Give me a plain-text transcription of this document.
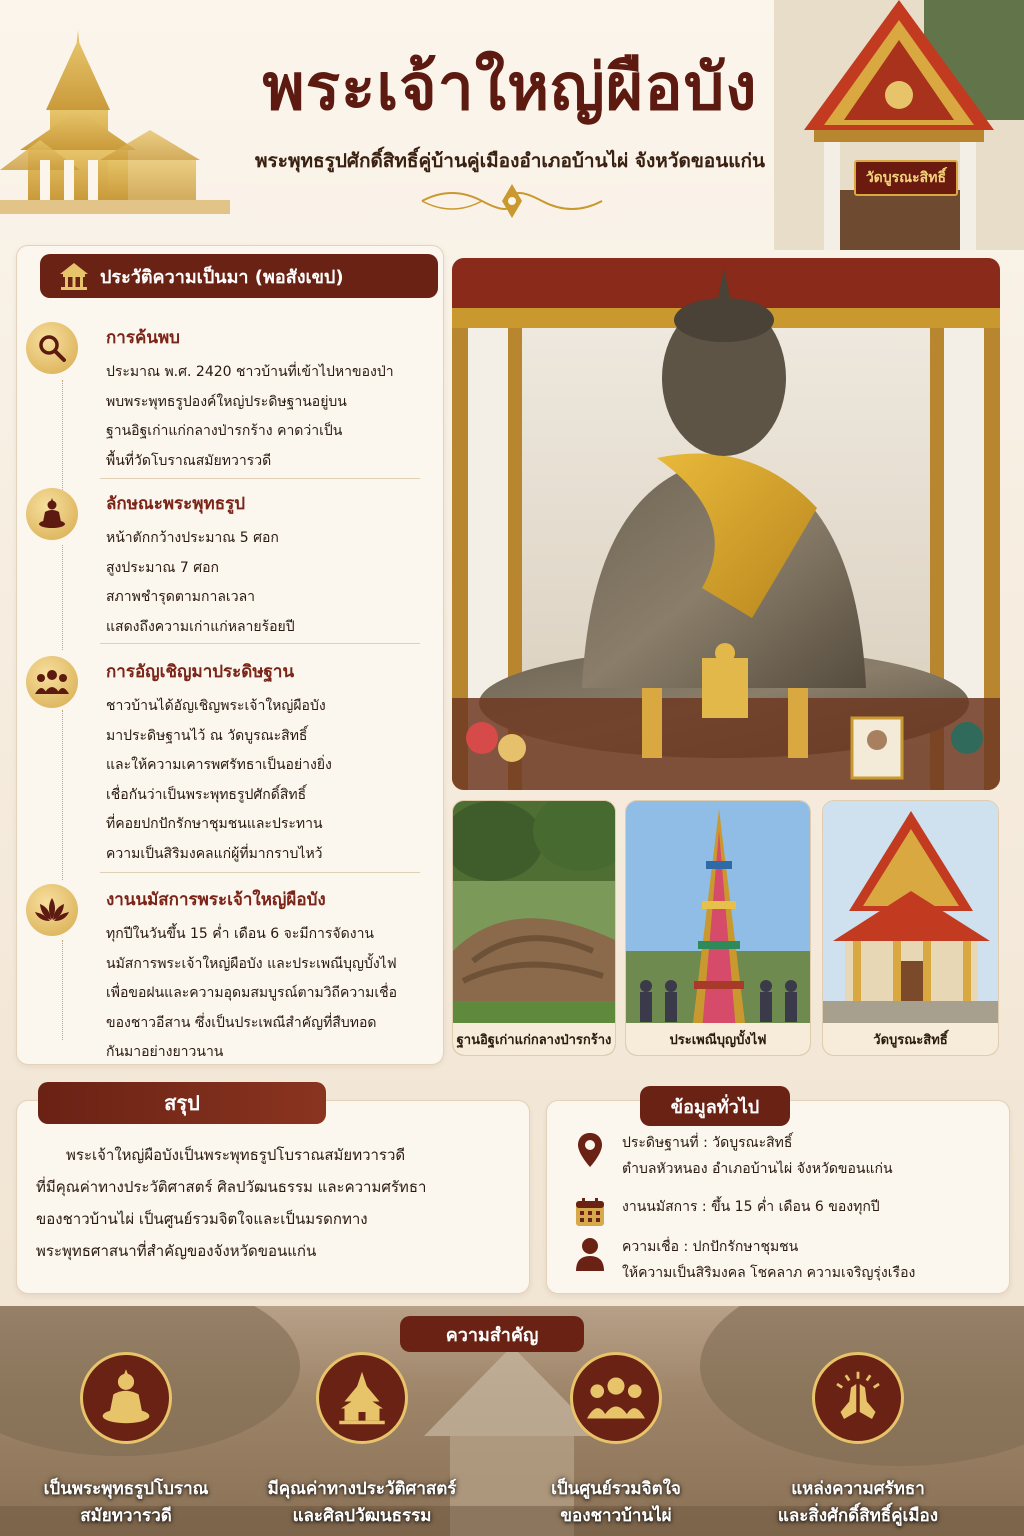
พระเจ้าใหญ่ผือบัง
พระพุทธรูปศักดิ์สิทธิ์คู่บ้านคู่เมืองอำเภอบ้านไผ่ จังหวัดขอนแก่น
วัดบูรณะสิทธิ์
ประวัติความเป็นมา (พอสังเขป)
การค้นพบ

ประมาณ พ.ศ. 2420 ชาวบ้านที่เข้าไปหาของป่า

พบพระพุทธรูปองค์ใหญ่ประดิษฐานอยู่บน

ฐานอิฐเก่าแก่กลางป่ารกร้าง คาดว่าเป็น

พื้นที่วัดโบราณสมัยทวารวดี

ลักษณะพระพุทธรูป

หน้าตักกว้างประมาณ 5 ศอก

สูงประมาณ 7 ศอก

สภาพชำรุดตามกาลเวลา

แสดงถึงความเก่าแก่หลายร้อยปี

การอัญเชิญมาประดิษฐาน

ชาวบ้านได้อัญเชิญพระเจ้าใหญ่ผือบัง

มาประดิษฐานไว้ ณ วัดบูรณะสิทธิ์

และให้ความเคารพศรัทธาเป็นอย่างยิ่ง

เชื่อกันว่าเป็นพระพุทธรูปศักดิ์สิทธิ์

ที่คอยปกปักรักษาชุมชนและประทาน

ความเป็นสิริมงคลแก่ผู้ที่มากราบไหว้

งานนมัสการพระเจ้าใหญ่ผือบัง

ทุกปีในวันขึ้น 15 ค่ำ เดือน 6 จะมีการจัดงาน

นมัสการพระเจ้าใหญ่ผือบัง และประเพณีบุญบั้งไฟ

เพื่อขอฝนและความอุดมสมบูรณ์ตามวิถีความเชื่อ

ของชาวอีสาน ซึ่งเป็นประเพณีสำคัญที่สืบทอด

กันมาอย่างยาวนาน

ฐานอิฐเก่าแก่กลางป่ารกร้าง	ประเพณีบุญบั้งไฟ	วัดบูรณะสิทธิ์
สรุป

พระเจ้าใหญ่ผือบังเป็นพระพุทธรูปโบราณสมัยทวารวดี

ที่มีคุณค่าทางประวัติศาสตร์ ศิลปวัฒนธรรม และความศรัทธา

ของชาวบ้านไผ่ เป็นศูนย์รวมจิตใจและเป็นมรดกทาง

พระพุทธศาสนาที่สำคัญของจังหวัดขอนแก่น

ข้อมูลทั่วไป

ประดิษฐานที่ : วัดบูรณะสิทธิ์

ตำบลหัวหนอง อำเภอบ้านไผ่ จังหวัดขอนแก่น

งานนมัสการ : ขึ้น 15 ค่ำ เดือน 6 ของทุกปี

ความเชื่อ : ปกปักรักษาชุมชน

ให้ความเป็นสิริมงคล โชคลาภ ความเจริญรุ่งเรือง

ความสำคัญ

เป็นพระพุทธรูปโบราณ

สมัยทวารวดี

มีคุณค่าทางประวัติศาสตร์

และศิลปวัฒนธรรม

เป็นศูนย์รวมจิตใจ

ของชาวบ้านไผ่

แหล่งความศรัทธา

และสิ่งศักดิ์สิทธิ์คู่เมือง
